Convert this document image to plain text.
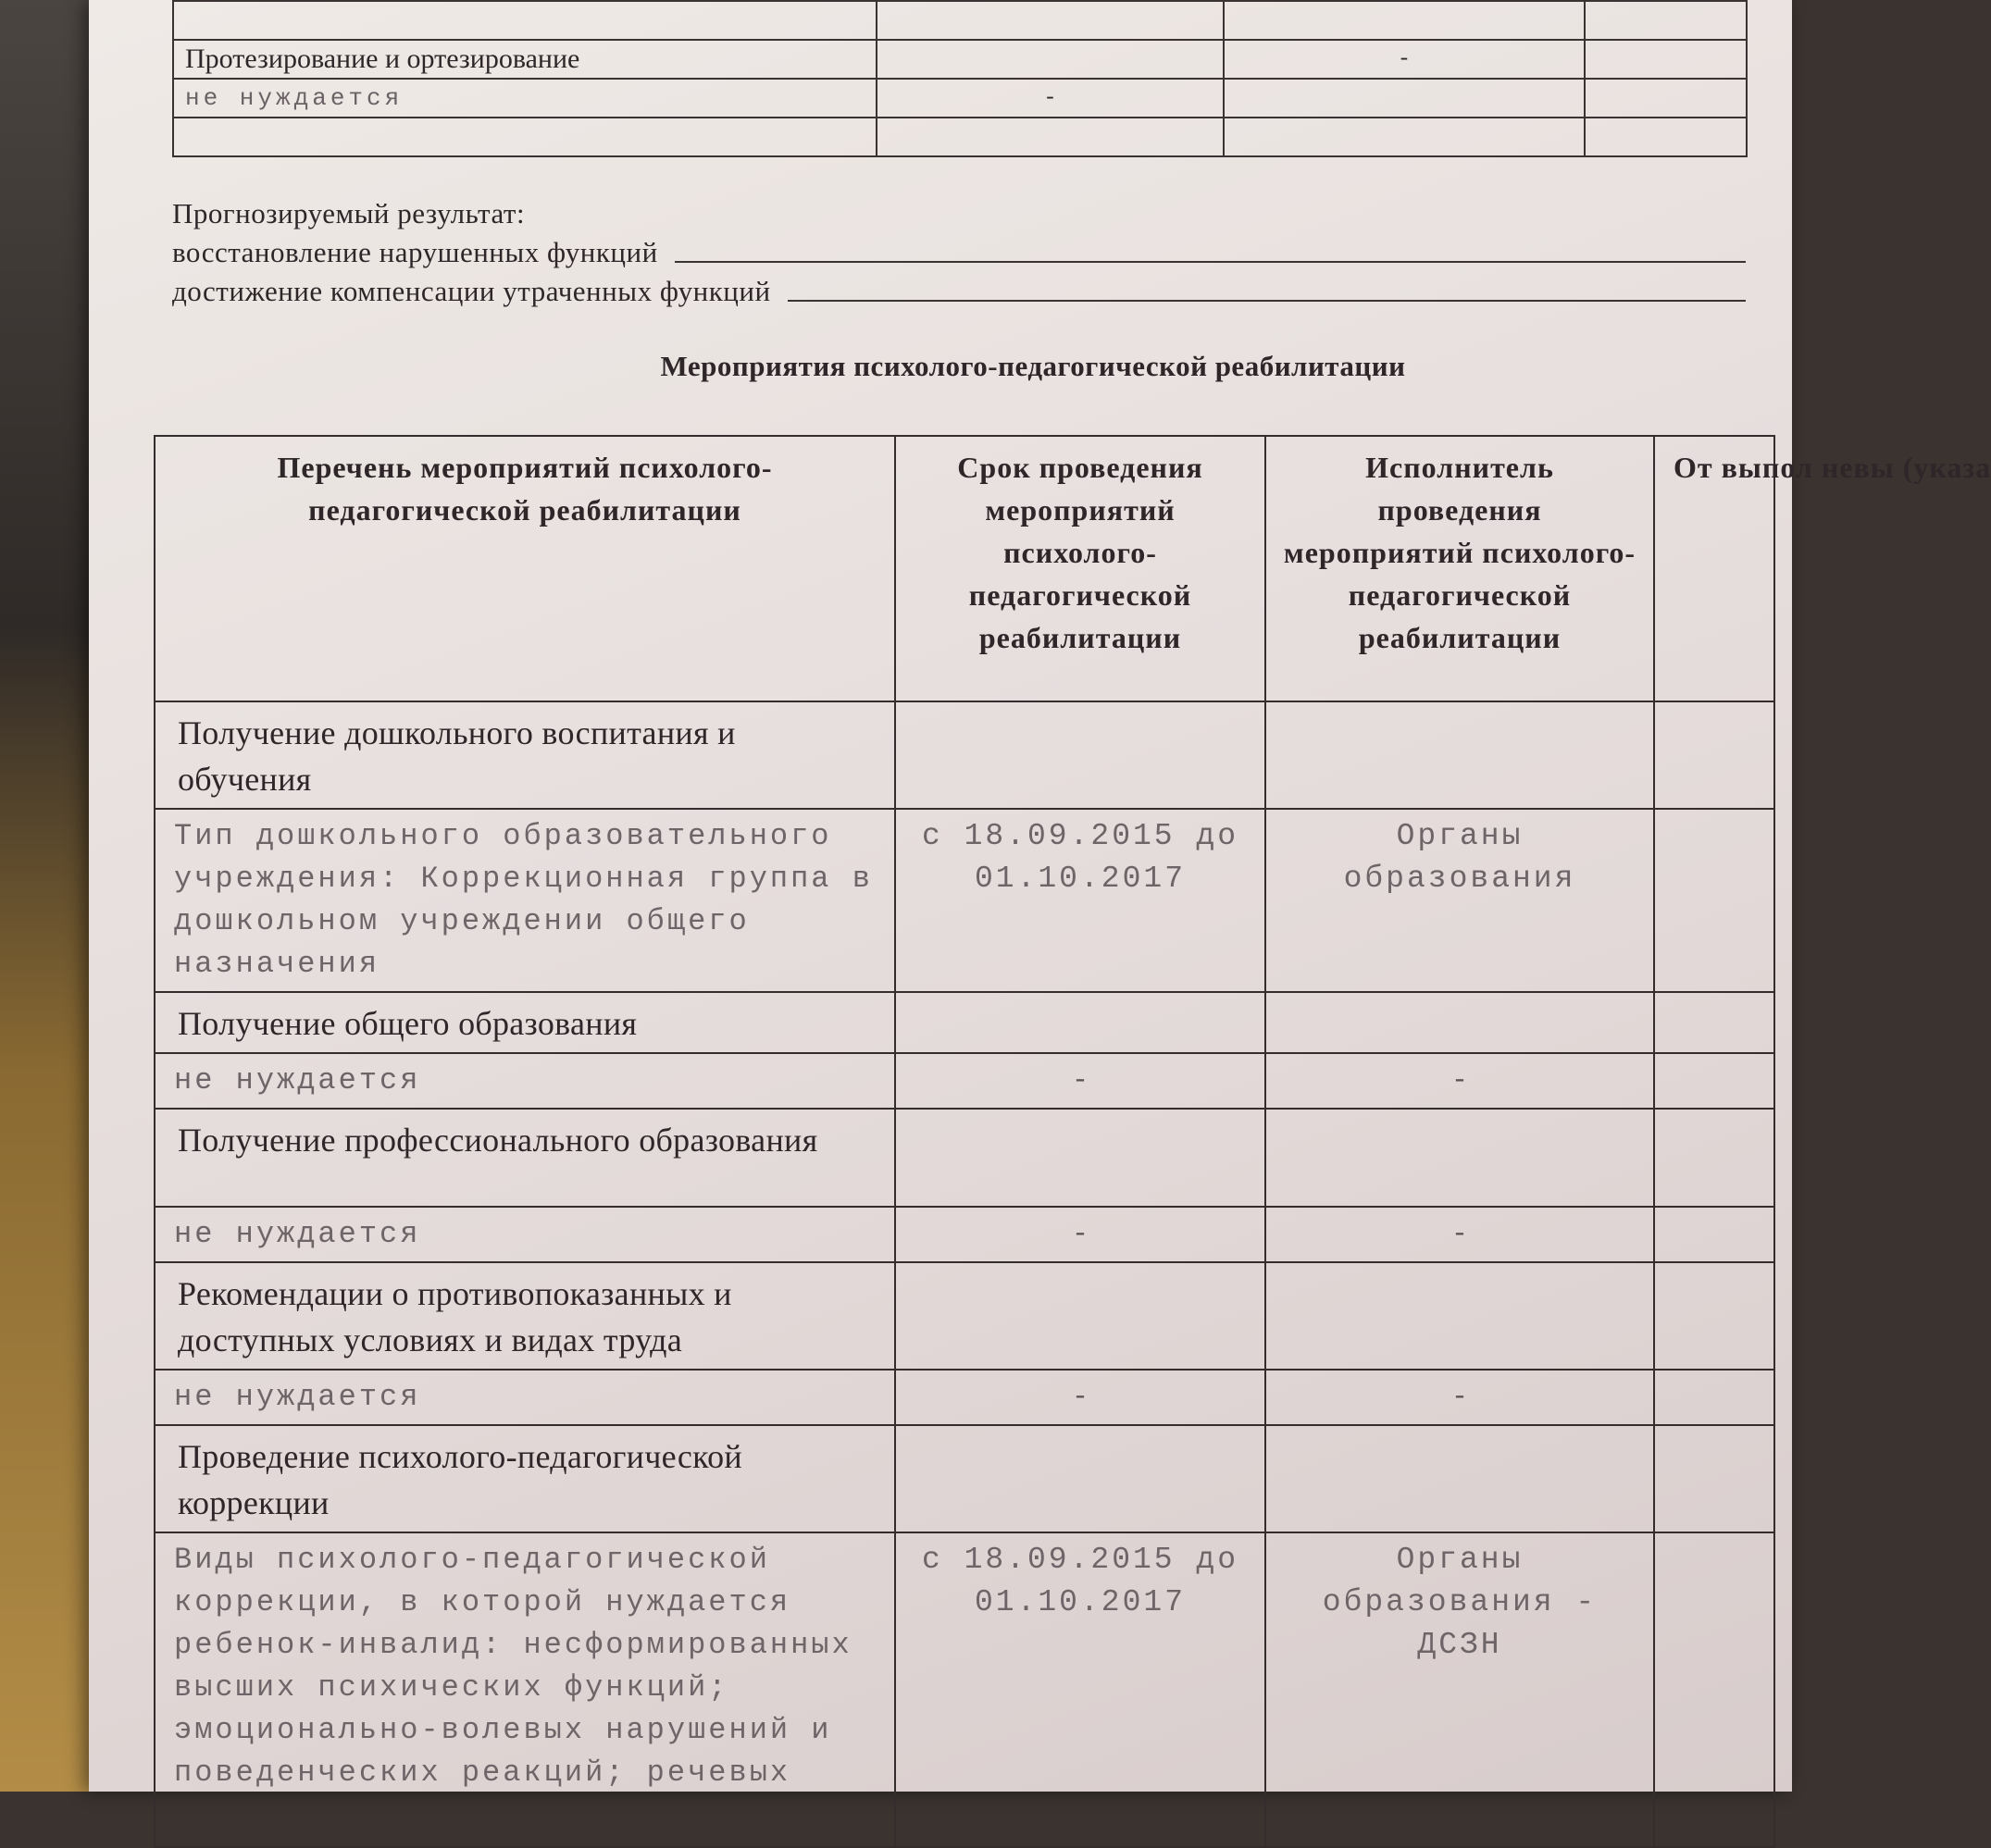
Протезирование и ортезирование		-	
не нуждается	-		

Прогнозируемый результат:
восстановление нарушенных функций
достижение компенсации утраченных функций
Мероприятия психолого-педагогической реабилитации
Перечень мероприятий психолого-педагогической реабилитации	Срок проведения мероприятий психолого-педагогической реабилитации	Исполнитель проведения мероприятий психолого-педагогической реабилитации	От выпол невы (указа
Получение дошкольного воспитания и обучения			
Тип дошкольного образовательного учреждения: Коррекционная группа в дошкольном учреждении общего назначения	с 18.09.2015 до 01.10.2017	Органы образования	
Получение общего образования			
не нуждается	-	-	
Получение профессионального образования			
не нуждается	-	-	
Рекомендации о противопоказанных и доступных условиях и видах труда			
не нуждается	-	-	
Проведение психолого-педагогической коррекции			
Виды психолого-педагогической коррекции, в которой нуждается ребенок-инвалид: несформированных высших психических функций; эмоционально-волевых нарушений и поведенческих реакций; речевых	с 18.09.2015 до 01.10.2017	Органы образования - ДСЗН	
